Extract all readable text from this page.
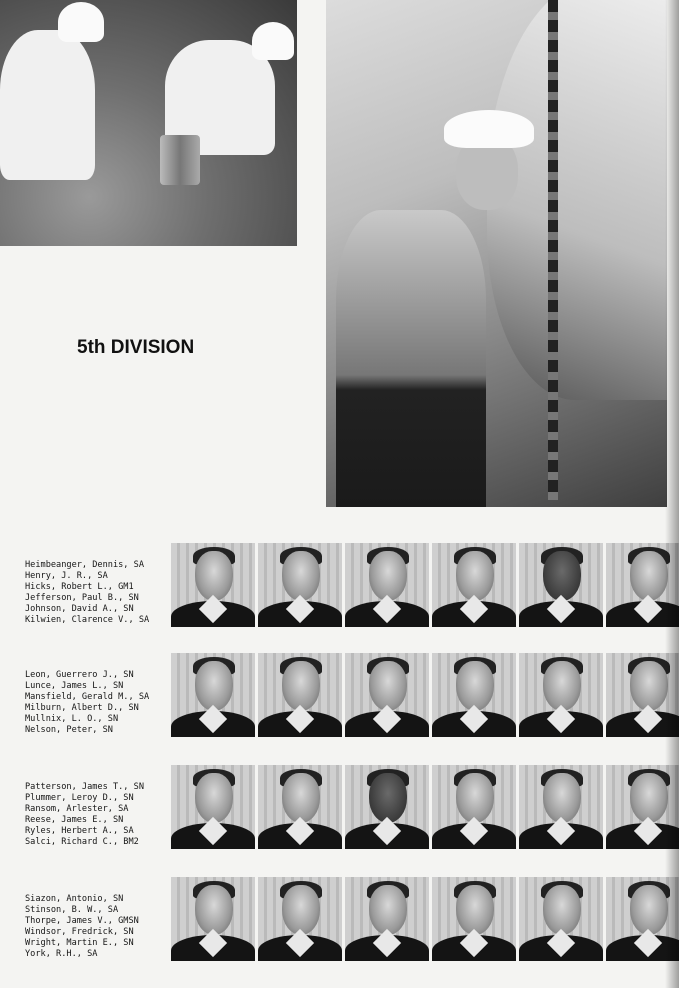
5th DIVISION
Heimbeanger, Dennis, SA
Henry, J. R., SA
Hicks, Robert L., GM1
Jefferson, Paul B., SN
Johnson, David A., SN
Kilwien, Clarence V., SA
Leon, Guerrero J., SN
Lunce, James L., SN
Mansfield, Gerald M., SA
Milburn, Albert D., SN
Mullnix, L. O., SN
Nelson, Peter, SN
Patterson, James T., SN
Plummer, Leroy D., SN
Ransom, Arlester, SA
Reese, James E., SN
Ryles, Herbert A., SA
Salci, Richard C., BM2
Siazon, Antonio, SN
Stinson, B. W., SA
Thorpe, James V., GMSN
Windsor, Fredrick, SN
Wright, Martin E., SN
York, R.H., SA
